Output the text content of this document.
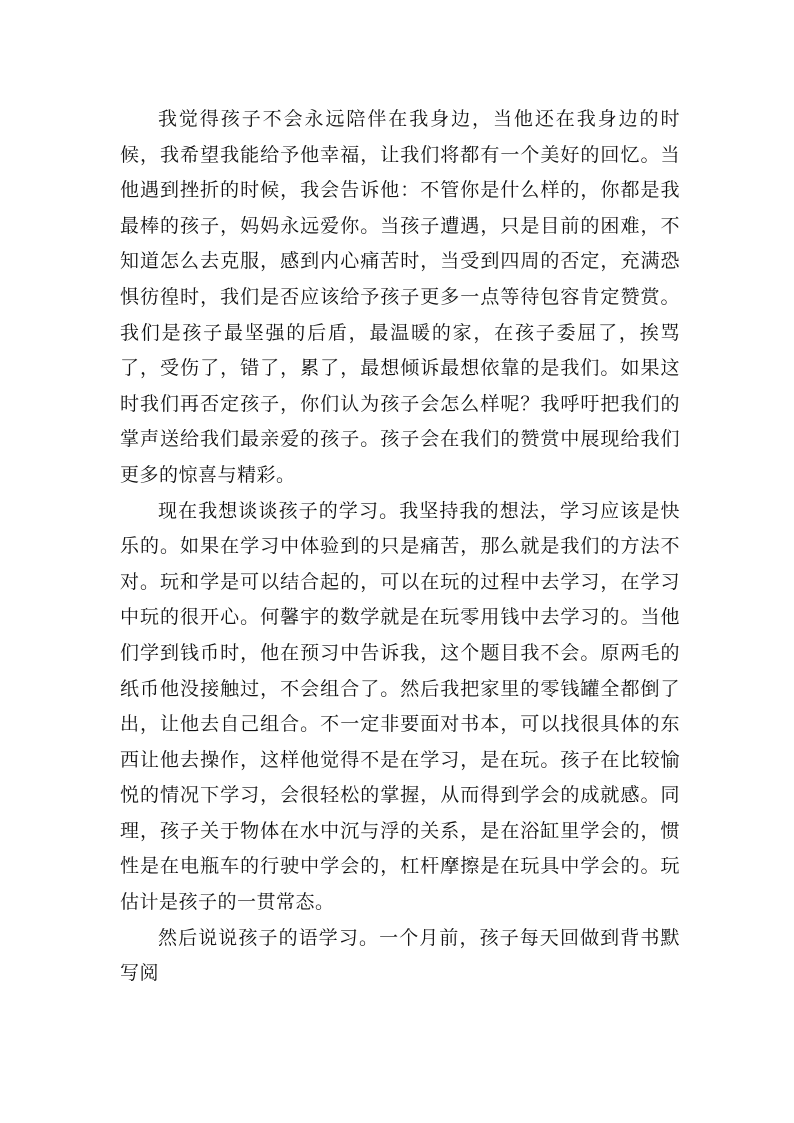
我觉得孩子不会永远陪伴在我身边，当他还在我身边的时候，我希望我能给予他幸福，让我们将都有一个美好的回忆。当他遇到挫折的时候，我会告诉他：不管你是什么样的，你都是我最棒的孩子，妈妈永远爱你。当孩子遭遇，只是目前的困难，不知道怎么去克服，感到内心痛苦时，当受到四周的否定，充满恐惧彷徨时，我们是否应该给予孩子更多一点等待包容肯定赞赏。我们是孩子最坚强的后盾，最温暖的家，在孩子委屈了，挨骂了，受伤了，错了，累了，最想倾诉最想依靠的是我们。如果这时我们再否定孩子，你们认为孩子会怎么样呢？我呼吁把我们的掌声送给我们最亲爱的孩子。孩子会在我们的赞赏中展现给我们更多的惊喜与精彩。

现在我想谈谈孩子的学习。我坚持我的想法，学习应该是快乐的。如果在学习中体验到的只是痛苦，那么就是我们的方法不对。玩和学是可以结合起的，可以在玩的过程中去学习，在学习中玩的很开心。何馨宇的数学就是在玩零用钱中去学习的。当他们学到钱币时，他在预习中告诉我，这个题目我不会。原两毛的纸币他没接触过，不会组合了。然后我把家里的零钱罐全都倒了出，让他去自己组合。不一定非要面对书本，可以找很具体的东西让他去操作，这样他觉得不是在学习，是在玩。孩子在比较愉悦的情况下学习，会很轻松的掌握，从而得到学会的成就感。同理，孩子关于物体在水中沉与浮的关系，是在浴缸里学会的，惯性是在电瓶车的行驶中学会的，杠杆摩擦是在玩具中学会的。玩估计是孩子的一贯常态。

然后说说孩子的语学习。一个月前，孩子每天回做到背书默写阅
